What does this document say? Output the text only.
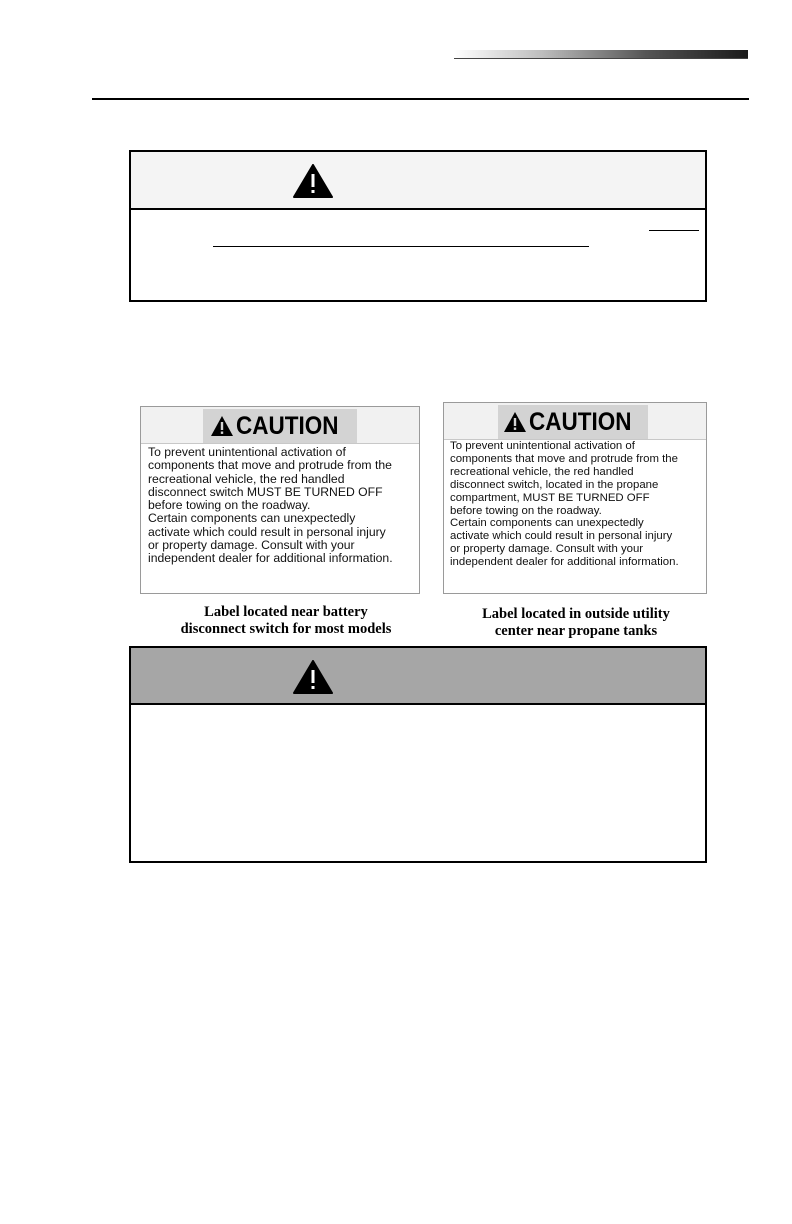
CAUTION
To prevent unintentional activation of
components that move and protrude from the
recreational vehicle, the red handled
disconnect switch MUST BE TURNED OFF
before towing on the roadway.
Certain components can unexpectedly
activate which could result in personal injury
or property damage. Consult with your
independent dealer for additional information.
CAUTION
To prevent unintentional activation of
components that move and protrude from the
recreational vehicle, the red handled
disconnect switch, located in the propane
compartment, MUST BE TURNED OFF
before towing on the roadway.
Certain components can unexpectedly
activate which could result in personal injury
or property damage. Consult with your
independent dealer for additional information.
Label located near battery
disconnect switch for most models
Label located in outside utility
center near propane tanks
